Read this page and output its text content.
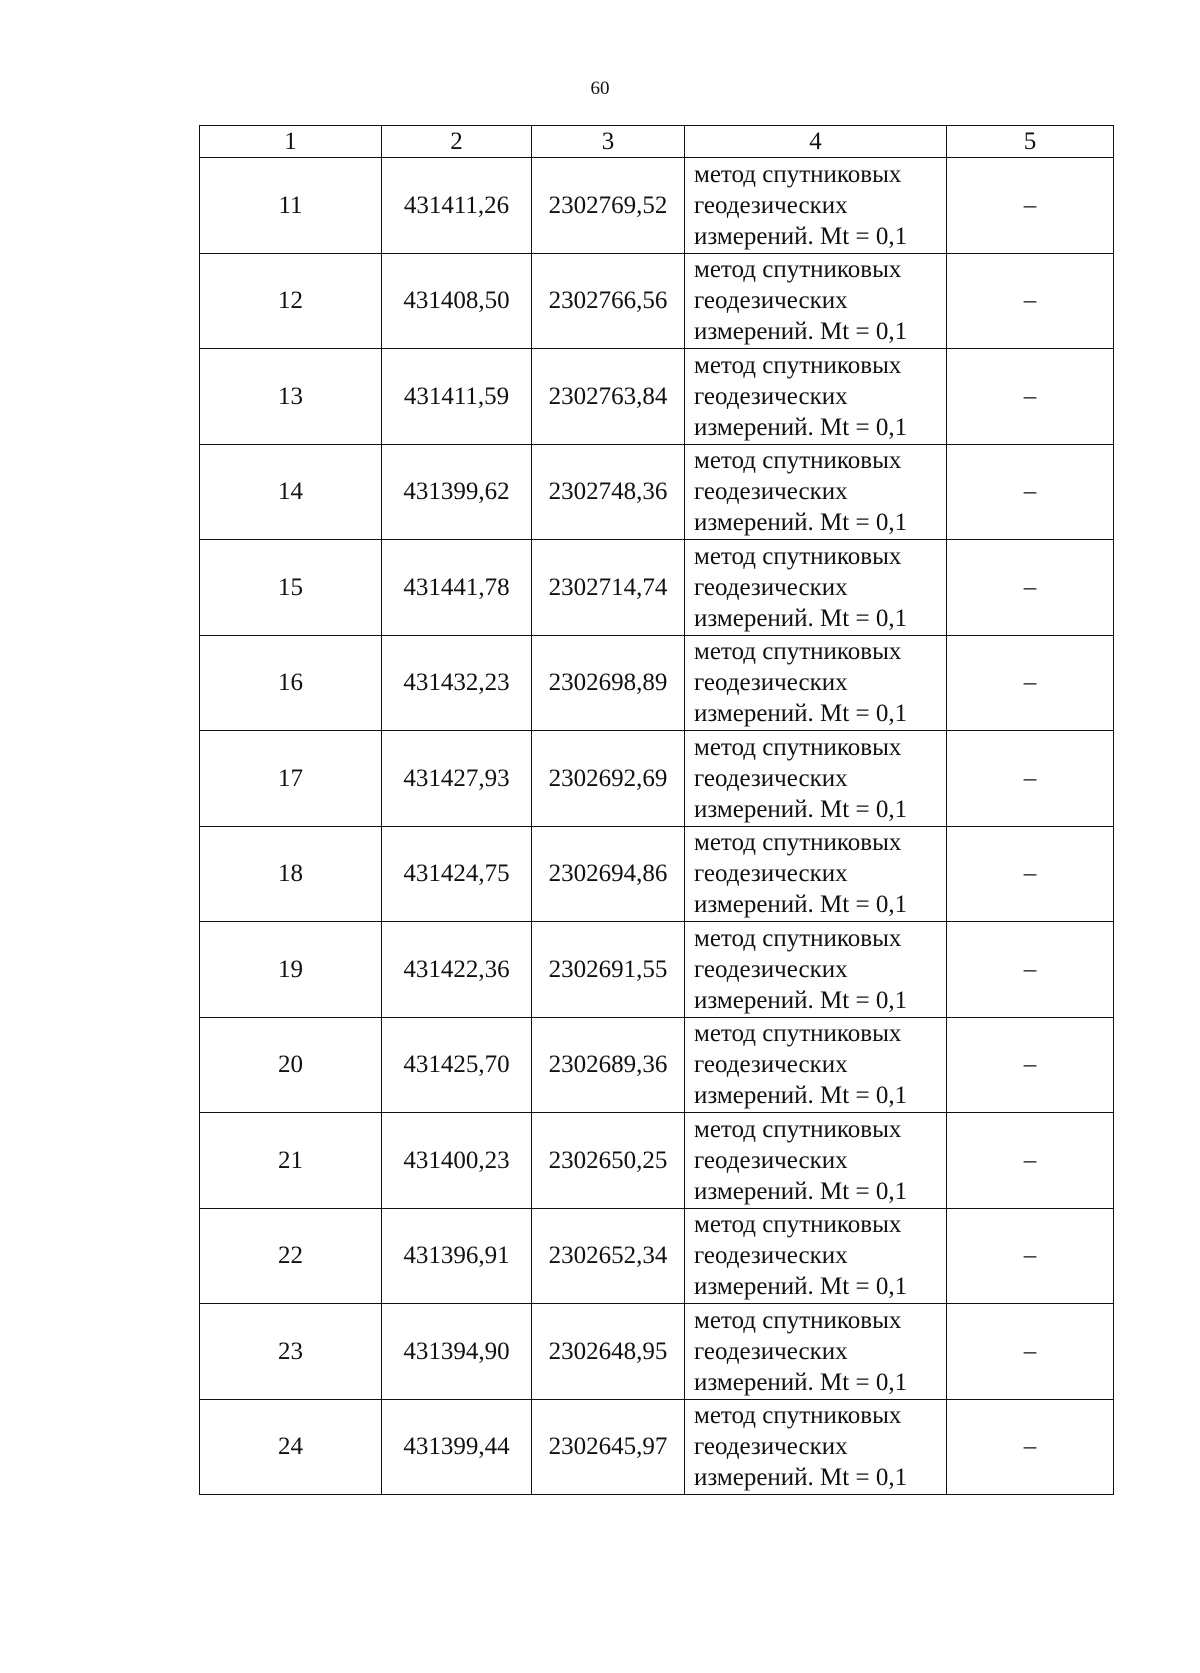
60
1	2	3	4	5
11	431411,26	2302769,52	метод спутниковых
геодезических
измерений. Mt = 0,1	–
12	431408,50	2302766,56	метод спутниковых
геодезических
измерений. Mt = 0,1	–
13	431411,59	2302763,84	метод спутниковых
геодезических
измерений. Mt = 0,1	–
14	431399,62	2302748,36	метод спутниковых
геодезических
измерений. Mt = 0,1	–
15	431441,78	2302714,74	метод спутниковых
геодезических
измерений. Mt = 0,1	–
16	431432,23	2302698,89	метод спутниковых
геодезических
измерений. Mt = 0,1	–
17	431427,93	2302692,69	метод спутниковых
геодезических
измерений. Mt = 0,1	–
18	431424,75	2302694,86	метод спутниковых
геодезических
измерений. Mt = 0,1	–
19	431422,36	2302691,55	метод спутниковых
геодезических
измерений. Mt = 0,1	–
20	431425,70	2302689,36	метод спутниковых
геодезических
измерений. Mt = 0,1	–
21	431400,23	2302650,25	метод спутниковых
геодезических
измерений. Mt = 0,1	–
22	431396,91	2302652,34	метод спутниковых
геодезических
измерений. Mt = 0,1	–
23	431394,90	2302648,95	метод спутниковых
геодезических
измерений. Mt = 0,1	–
24	431399,44	2302645,97	метод спутниковых
геодезических
измерений. Mt = 0,1	–
